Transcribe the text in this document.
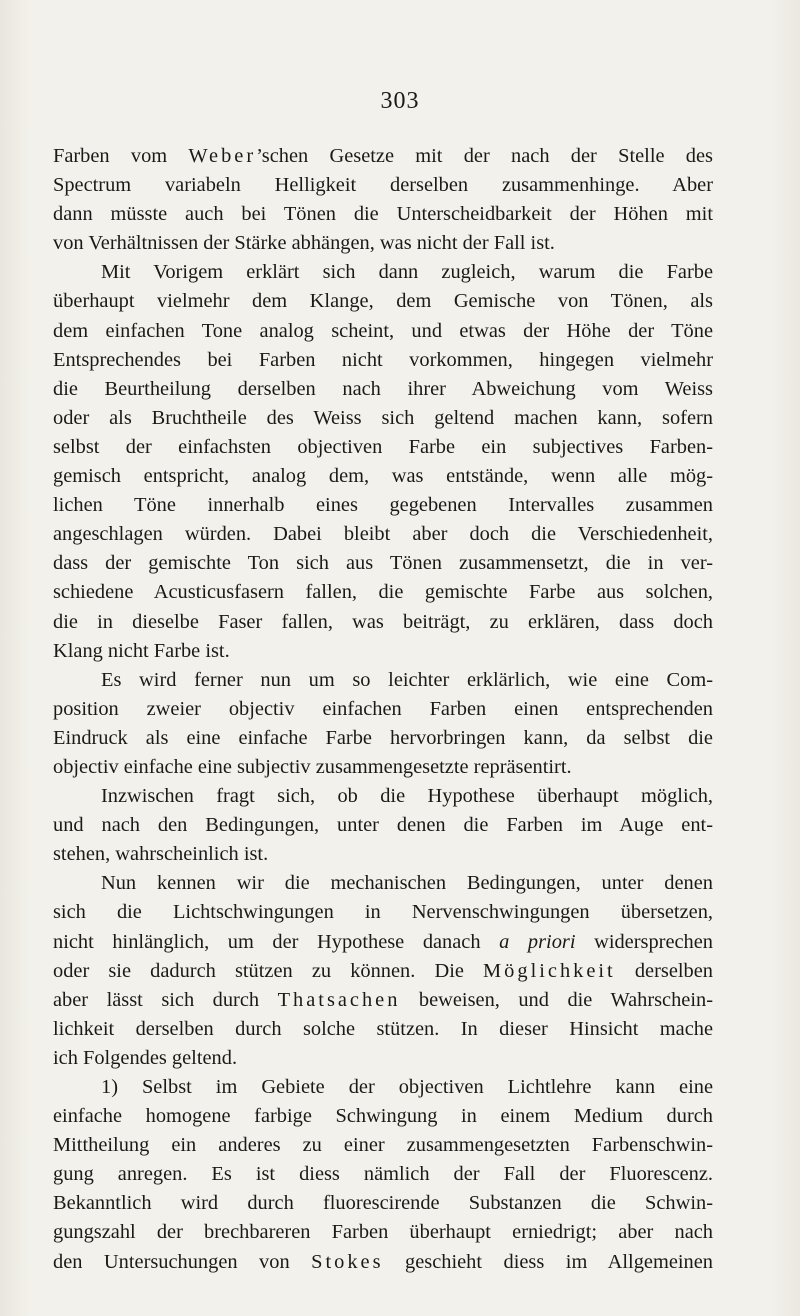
303
Farben vom Weber’schen Gesetze mit der nach der Stelle des
Spectrum variabeln Helligkeit derselben zusammenhinge. Aber
dann müsste auch bei Tönen die Unterscheidbarkeit der Höhen mit
von Verhältnissen der Stärke abhängen, was nicht der Fall ist.
Mit Vorigem erklärt sich dann zugleich, warum die Farbe
überhaupt vielmehr dem Klange, dem Gemische von Tönen, als
dem einfachen Tone analog scheint, und etwas der Höhe der Töne
Entsprechendes bei Farben nicht vorkommen, hingegen vielmehr
die Beurtheilung derselben nach ihrer Abweichung vom Weiss
oder als Bruchtheile des Weiss sich geltend machen kann, sofern
selbst der einfachsten objectiven Farbe ein subjectives Farben-
gemisch entspricht, analog dem, was entstände, wenn alle mög-
lichen Töne innerhalb eines gegebenen Intervalles zusammen
angeschlagen würden. Dabei bleibt aber doch die Verschiedenheit,
dass der gemischte Ton sich aus Tönen zusammensetzt, die in ver-
schiedene Acusticusfasern fallen, die gemischte Farbe aus solchen,
die in dieselbe Faser fallen, was beiträgt, zu erklären, dass doch
Klang nicht Farbe ist.
Es wird ferner nun um so leichter erklärlich, wie eine Com-
position zweier objectiv einfachen Farben einen entsprechenden
Eindruck als eine einfache Farbe hervorbringen kann, da selbst die
objectiv einfache eine subjectiv zusammengesetzte repräsentirt.
Inzwischen fragt sich, ob die Hypothese überhaupt möglich,
und nach den Bedingungen, unter denen die Farben im Auge ent-
stehen, wahrscheinlich ist.
Nun kennen wir die mechanischen Bedingungen, unter denen
sich die Lichtschwingungen in Nervenschwingungen übersetzen,
nicht hinlänglich, um der Hypothese danach a priori widersprechen
oder sie dadurch stützen zu können. Die Möglichkeit derselben
aber lässt sich durch Thatsachen beweisen, und die Wahrschein-
lichkeit derselben durch solche stützen. In dieser Hinsicht mache
ich Folgendes geltend.
1) Selbst im Gebiete der objectiven Lichtlehre kann eine
einfache homogene farbige Schwingung in einem Medium durch
Mittheilung ein anderes zu einer zusammengesetzten Farbenschwin-
gung anregen. Es ist diess nämlich der Fall der Fluorescenz.
Bekanntlich wird durch fluorescirende Substanzen die Schwin-
gungszahl der brechbareren Farben überhaupt erniedrigt; aber nach
den Untersuchungen von Stokes geschieht diess im Allgemeinen
